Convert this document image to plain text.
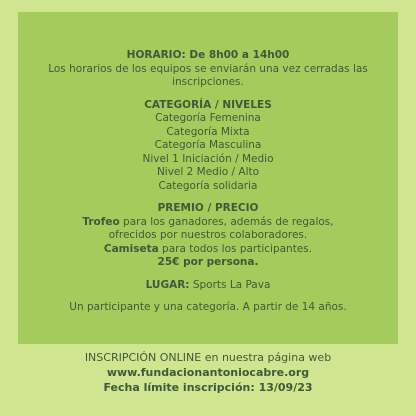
HORARIO: De 8h00 a 14h00

Los horarios de los equipos se enviarán una vez cerradas las

inscripciones.

CATEGORÍA / NIVELES

Categoría Femenina

Categoría Mixta

Categoría Masculina

Nivel 1 Iniciación / Medio

Nivel 2 Medio / Alto

Categoría solidaria

PREMIO / PRECIO

Trofeo para los ganadores, además de regalos,

ofrecidos por nuestros colaboradores.

Camiseta para todos los participantes.

25€ por persona.

LUGAR: Sports La Pava

Un participante y una categoría. A partir de 14 años.

INSCRIPCIÓN ONLINE en nuestra página web

www.fundacionantoniocabre.org

Fecha límite inscripción: 13/09/23
